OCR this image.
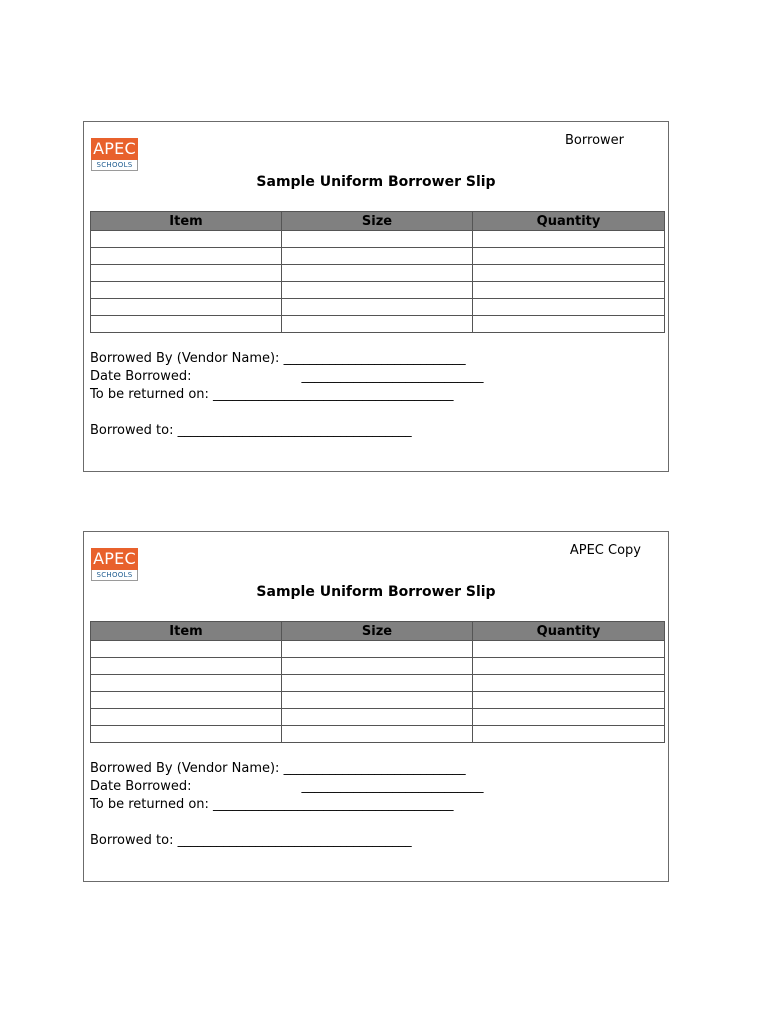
APEC
SCHOOLS
Borrower
Sample Uniform Borrower Slip
Item	Size	Quantity

Borrowed By (Vendor Name): ____________________________
Date Borrowed:	____________________________
To be returned on: _____________________________________
Borrowed to: ____________________________________
APEC
SCHOOLS
APEC Copy
Sample Uniform Borrower Slip
Item	Size	Quantity

Borrowed By (Vendor Name): ____________________________
Date Borrowed:	____________________________
To be returned on: _____________________________________
Borrowed to: ____________________________________
